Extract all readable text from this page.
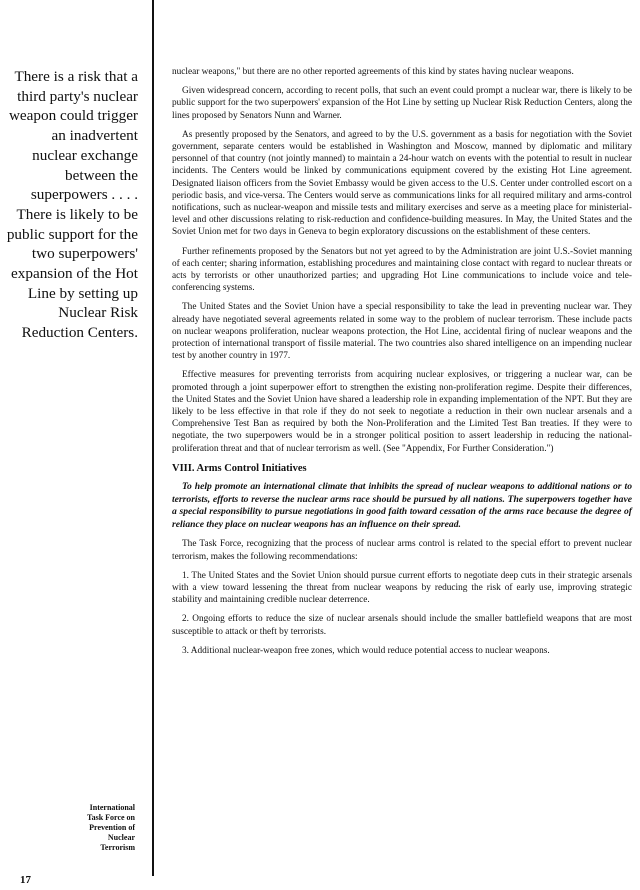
There is a risk that a third party's nuclear weapon could trigger an inadvertent nuclear exchange between the superpowers . . . . There is likely to be public support for the two superpowers' expansion of the Hot Line by setting up Nuclear Risk Reduction Centers.

International
Task Force on
Prevention of
Nuclear
Terrorism
17

nuclear weapons," but there are no other reported agreements of this kind by states having nuclear weapons.

Given widespread concern, according to recent polls, that such an event could prompt a nuclear war, there is likely to be public support for the two superpowers' expansion of the Hot Line by setting up Nuclear Risk Reduction Centers, along the lines proposed by Senators Nunn and Warner.

As presently proposed by the Senators, and agreed to by the U.S. government as a basis for negotiation with the Soviet government, separate centers would be established in Washington and Moscow, manned by diplomatic and military personnel of that country (not jointly manned) to maintain a 24-hour watch on events with the potential to result in nuclear incidents. The Centers would be linked by communications equipment covered by the existing Hot Line agreement. Designated liaison officers from the Soviet Embassy would be given access to the U.S. Center under controlled escort on a periodic basis, and vice-versa. The Centers would serve as communications links for all required military and arms-control notifications, such as nuclear-weapon and missile tests and military exercises and serve as a meeting place for ministerial-level and other discussions relating to risk-reduction and confidence-building measures. In May, the United States and the Soviet Union met for two days in Geneva to begin exploratory discussions on the establishment of these centers.

Further refinements proposed by the Senators but not yet agreed to by the Administration are joint U.S.-Soviet manning of each center; sharing information, establishing procedures and maintaining close contact with regard to nuclear threats or acts by terrorists or other unauthorized parties; and upgrading Hot Line communications to include voice and tele-conferencing systems.

The United States and the Soviet Union have a special responsibility to take the lead in preventing nuclear war. They already have negotiated several agreements related in some way to the problem of nuclear terrorism. These include pacts on nuclear weapons proliferation, nuclear weapons protection, the Hot Line, accidental firing of nuclear weapons and the protection of international transport of fissile material. The two countries also shared intelligence on an impending nuclear test by another country in 1977.

Effective measures for preventing terrorists from acquiring nuclear explosives, or triggering a nuclear war, can be promoted through a joint superpower effort to strengthen the existing non-proliferation regime. Despite their differences, the United States and the Soviet Union have shared a leadership role in expanding implementation of the NPT. But they are likely to be less effective in that role if they do not seek to negotiate a reduction in their own nuclear arsenals and a Comprehensive Test Ban as required by both the Non-Proliferation and the Limited Test Ban treaties. If they were to negotiate, the two superpowers would be in a stronger political position to assert leadership in reducing the national-proliferation threat and that of nuclear terrorism as well. (See "Appendix, For Further Consideration.")

VIII. Arms Control Initiatives

To help promote an international climate that inhibits the spread of nuclear weapons to additional nations or to terrorists, efforts to reverse the nuclear arms race should be pursued by all nations. The superpowers together have a special responsibility to pursue negotiations in good faith toward cessation of the arms race because the degree of reliance they place on nuclear weapons has an influence on their spread.

The Task Force, recognizing that the process of nuclear arms control is related to the special effort to prevent nuclear terrorism, makes the following recommendations:

1. The United States and the Soviet Union should pursue current efforts to negotiate deep cuts in their strategic arsenals with a view toward lessening the threat from nuclear weapons by reducing the risk of early use, improving strategic stability and maintaining credible nuclear deterrence.

2. Ongoing efforts to reduce the size of nuclear arsenals should include the smaller battlefield weapons that are most susceptible to attack or theft by terrorists.

3. Additional nuclear-weapon free zones, which would reduce potential access to nuclear weapons.
